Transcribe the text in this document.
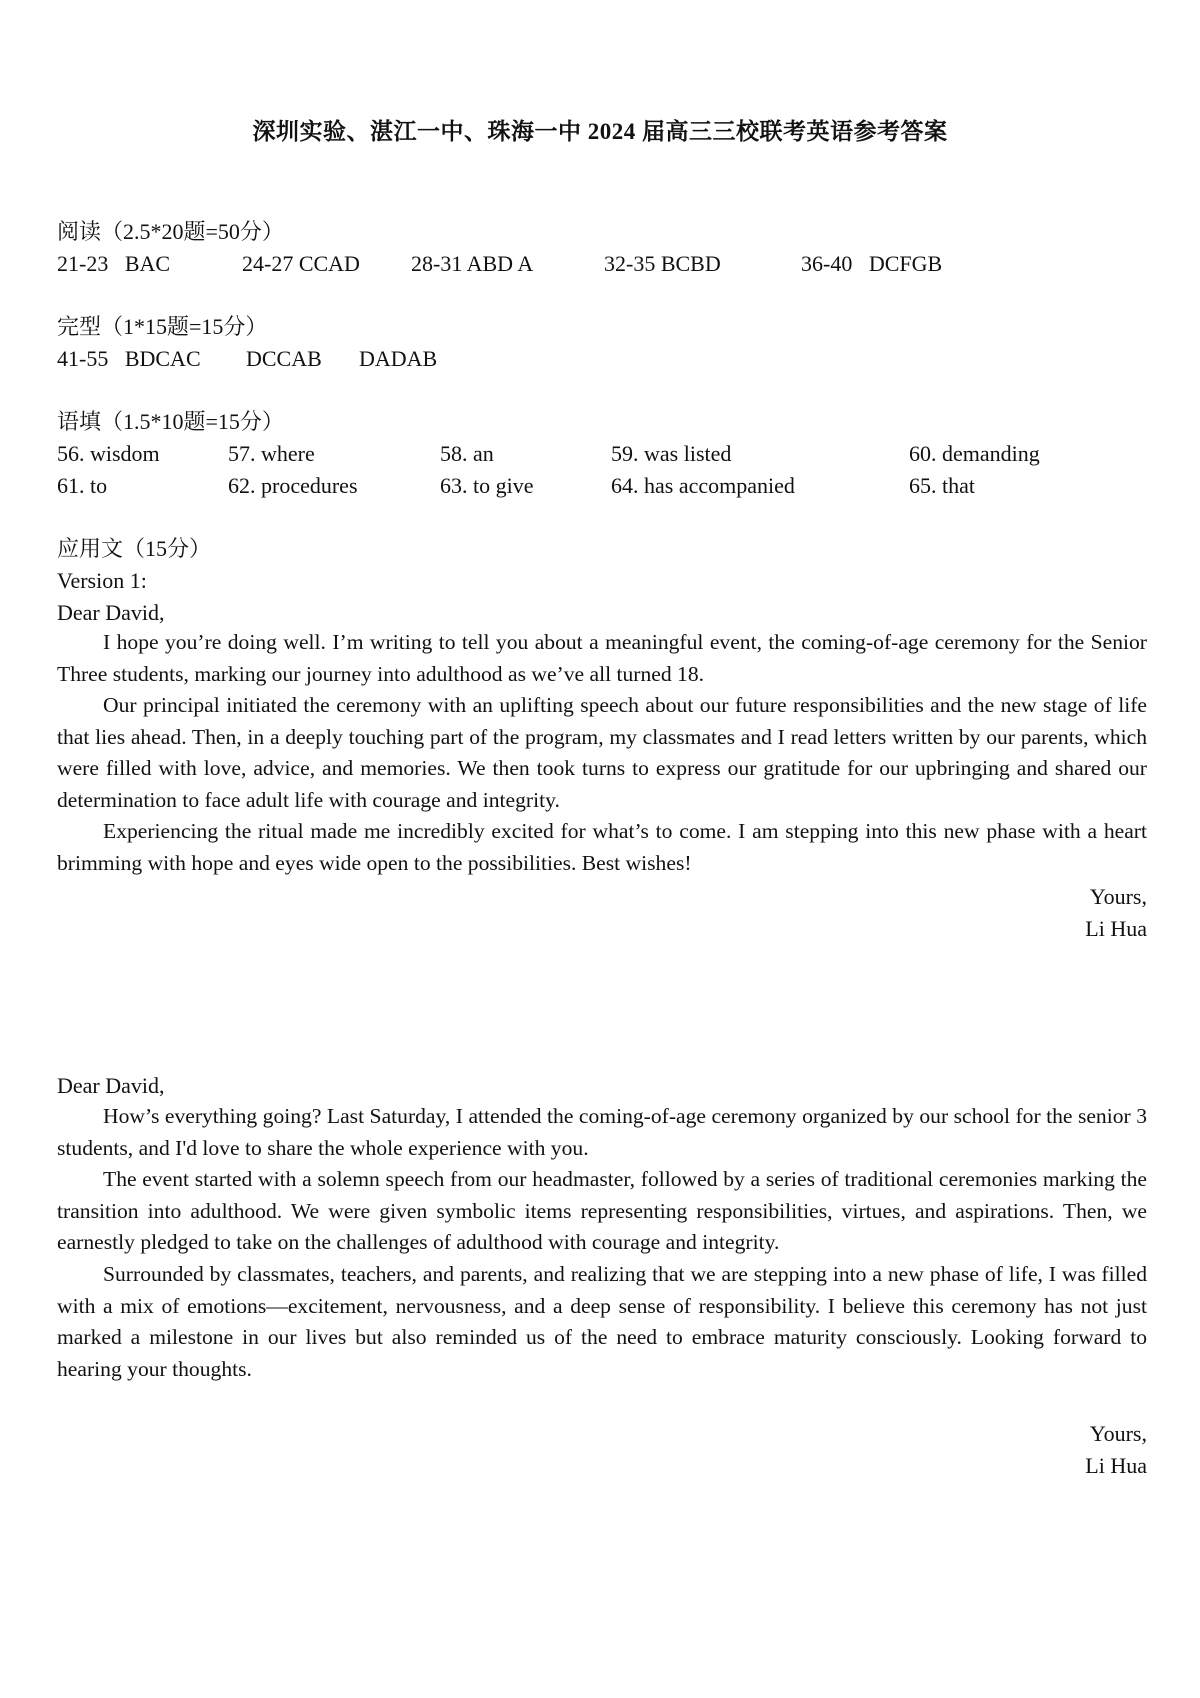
深圳实验、湛江一中、珠海一中 2024 届高三三校联考英语参考答案
阅读（2.5*20题=50分）
21-23   BAC	24-27 CCAD 28-31 ABD A	32-35 BCBD	36-40   DCFGB
完型（1*15题=15分）
41-55   BDCAC DCCAB DADAB
语填（1.5*10题=15分）
56. wisdom	57. where	58. an	59. was listed	60. demanding
61. to	62. procedures	63. to give	64. has accompanied	65. that
应用文（15分）
Version 1:
Dear David,

I hope you’re doing well. I’m writing to tell you about a meaningful event, the coming-of-age ceremony for the Senior Three students, marking our journey into adulthood as we’ve all turned 18.

Our principal initiated the ceremony with an uplifting speech about our future responsibilities and the new stage of life that lies ahead. Then, in a deeply touching part of the program, my classmates and I read letters written by our parents, which were filled with love, advice, and memories. We then took turns to express our gratitude for our upbringing and shared our determination to face adult life with courage and integrity.

Experiencing the ritual made me incredibly excited for what’s to come. I am stepping into this new phase with a heart brimming with hope and eyes wide open to the possibilities. Best wishes!

Yours,
Li Hua
Dear David,

How’s everything going? Last Saturday, I attended the coming-of-age ceremony organized by our school for the senior 3 students, and I'd love to share the whole experience with you.

The event started with a solemn speech from our headmaster, followed by a series of traditional ceremonies marking the transition into adulthood. We were given symbolic items representing responsibilities, virtues, and aspirations. Then, we earnestly pledged to take on the challenges of adulthood with courage and integrity.

Surrounded by classmates, teachers, and parents, and realizing that we are stepping into a new phase of life, I was filled with a mix of emotions—excitement, nervousness, and a deep sense of responsibility. I believe this ceremony has not just marked a milestone in our lives but also reminded us of the need to embrace maturity consciously. Looking forward to hearing your thoughts.

Yours,
Li Hua
